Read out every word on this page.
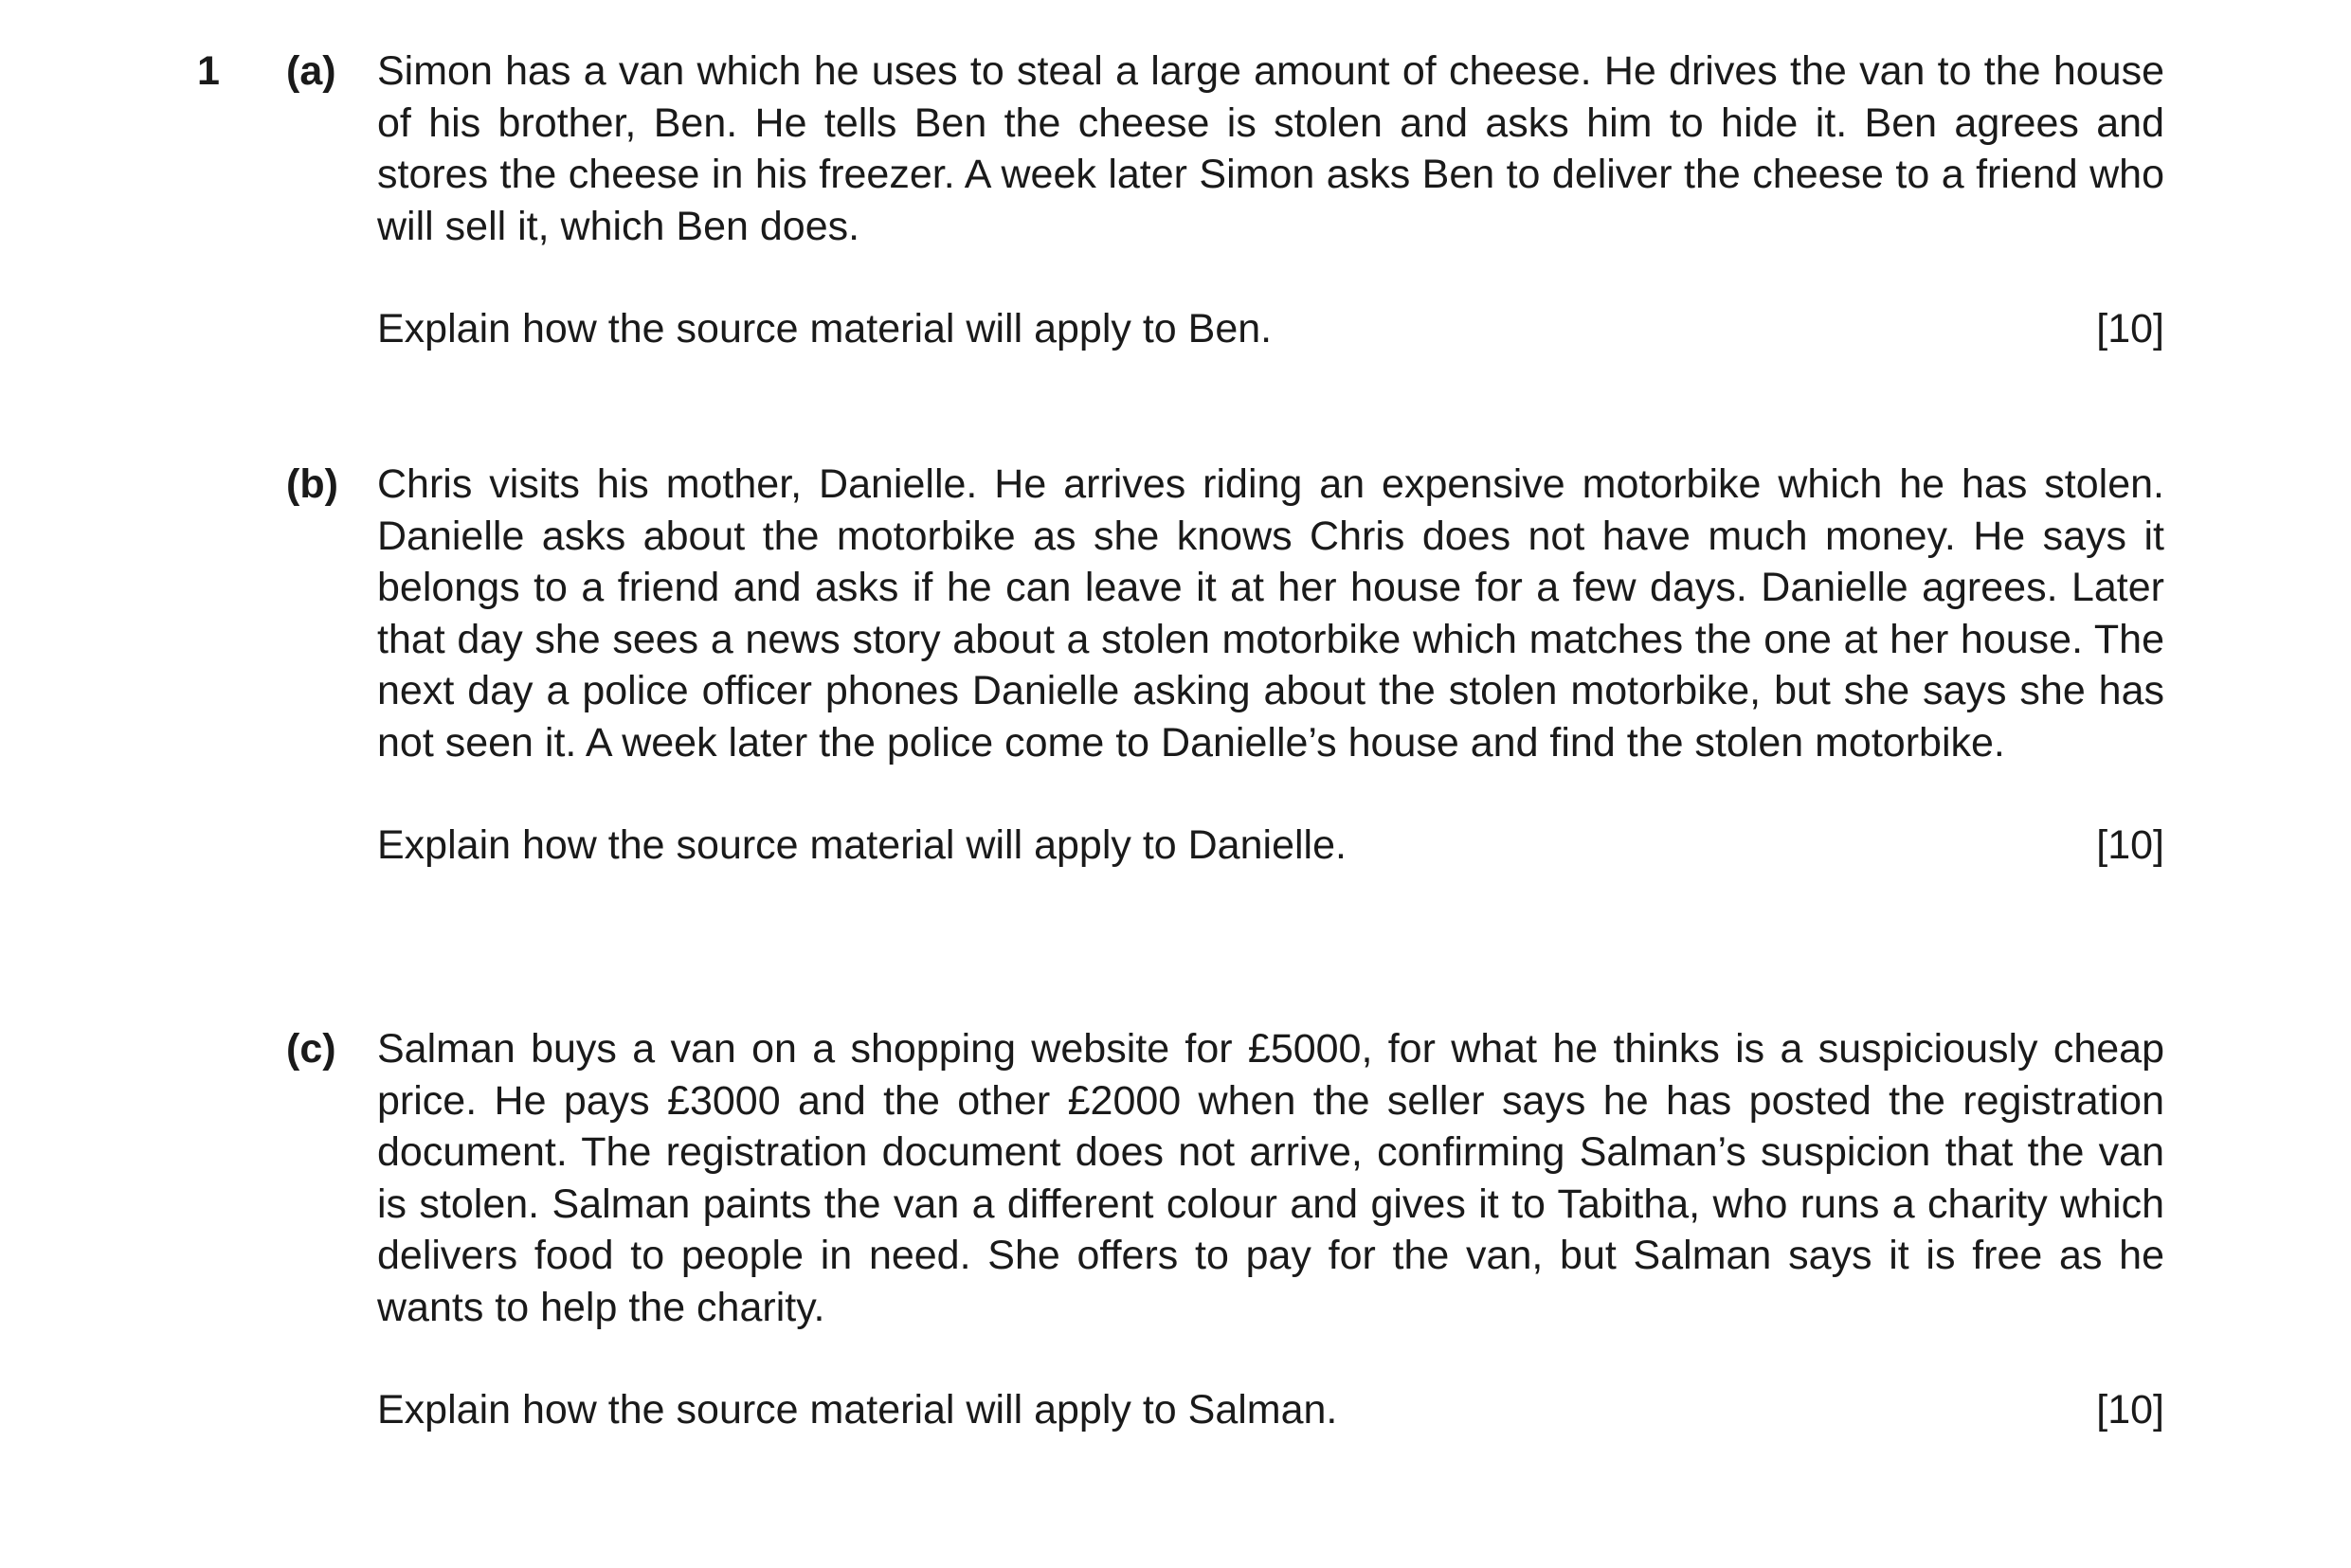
1 (a) Simon has a van which he uses to steal a large amount of cheese. He drives the van to the house of his brother, Ben. He tells Ben the cheese is stolen and asks him to hide it. Ben agrees and stores the cheese in his freezer. A week later Simon asks Ben to deliver the cheese to a friend who will sell it, which Ben does.

Explain how the source material will apply to Ben.	[10]
(b) Chris visits his mother, Danielle. He arrives riding an expensive motorbike which he has stolen. Danielle asks about the motorbike as she knows Chris does not have much money. He says it belongs to a friend and asks if he can leave it at her house for a few days. Danielle agrees. Later that day she sees a news story about a stolen motorbike which matches the one at her house. The next day a police officer phones Danielle asking about the stolen motorbike, but she says she has not seen it. A week later the police come to Danielle’s house and find the stolen motorbike.

Explain how the source material will apply to Danielle.	[10]
(c) Salman buys a van on a shopping website for £5000, for what he thinks is a suspiciously cheap price. He pays £3000 and the other £2000 when the seller says he has posted the registration document. The registration document does not arrive, confirming Salman’s suspicion that the van is stolen. Salman paints the van a different colour and gives it to Tabitha, who runs a charity which delivers food to people in need. She offers to pay for the van, but Salman says it is free as he wants to help the charity.

Explain how the source material will apply to Salman.	[10]
